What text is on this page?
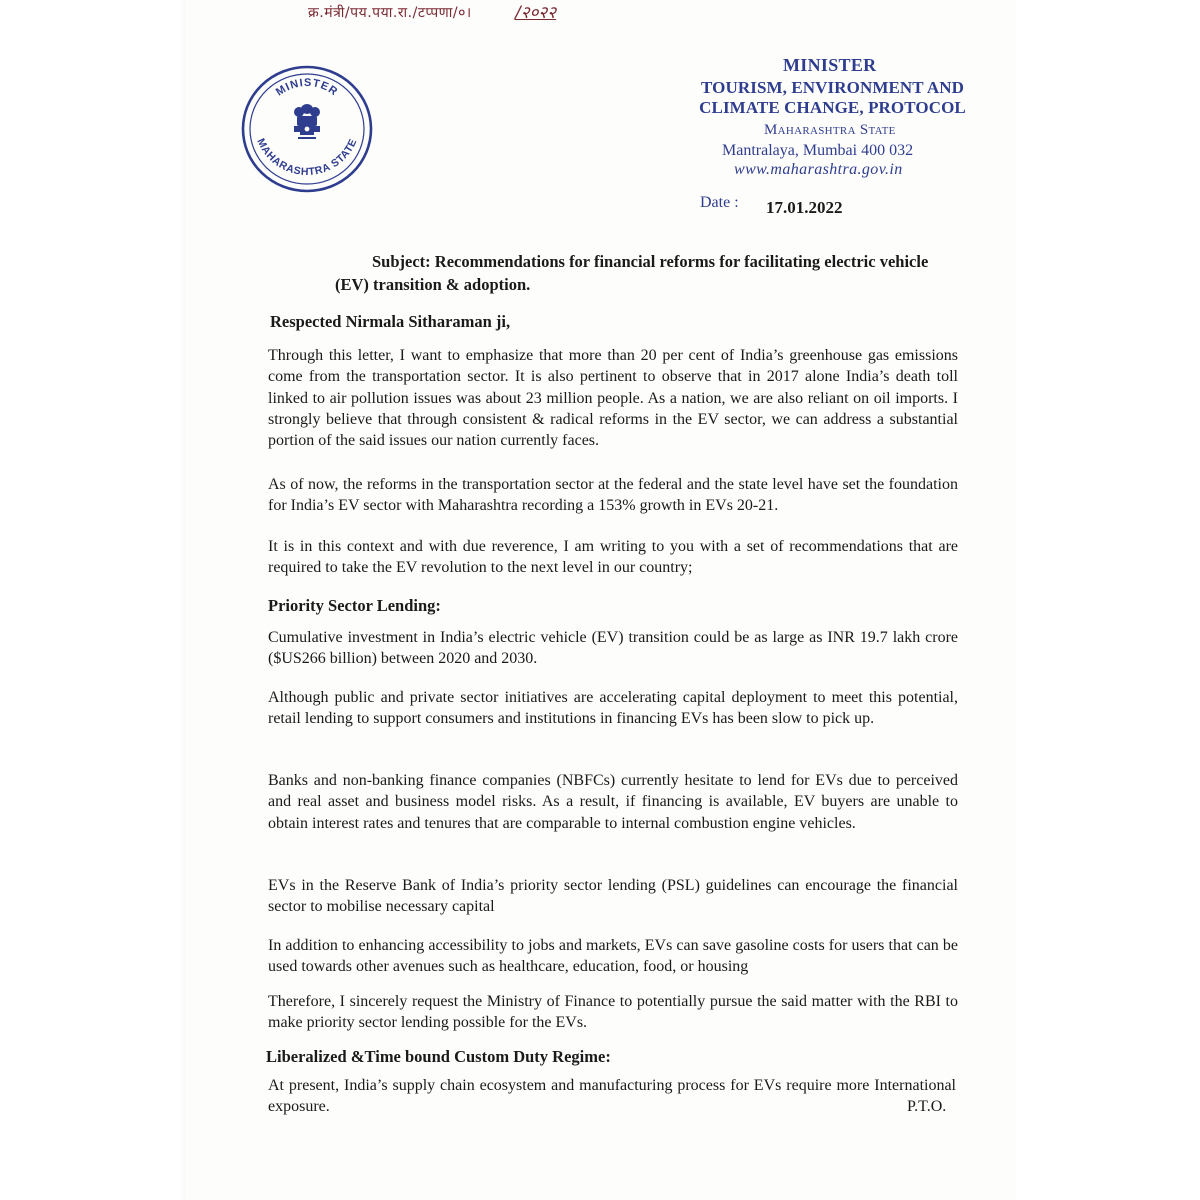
क्र.मंत्री/पय.पया.रा./टप्पणा/०।	/२०२२
MINISTER
MAHARASHTRA STATE
MINISTER
TOURISM, ENVIRONMENT AND
CLIMATE CHANGE, PROTOCOL
Maharashtra State
Mantralaya, Mumbai 400 032
www.maharashtra.gov.in
Date : 17.01.2022
Subject: Recommendations for financial reforms for facilitating electric vehicle (EV) transition & adoption.
Respected Nirmala Sitharaman ji,
Through this letter, I want to emphasize that more than 20 per cent of India’s greenhouse gas emissions come from the transportation sector. It is also pertinent to observe that in 2017 alone India’s death toll linked to air pollution issues was about 23 million people. As a nation, we are also reliant on oil imports. I strongly believe that through consistent & radical reforms in the EV sector, we can address a substantial portion of the said issues our nation currently faces.
As of now, the reforms in the transportation sector at the federal and the state level have set the foundation for India’s EV sector with Maharashtra recording a 153% growth in EVs 20-21.
It is in this context and with due reverence, I am writing to you with a set of recommendations that are required to take the EV revolution to the next level in our country;
Priority Sector Lending:
Cumulative investment in India’s electric vehicle (EV) transition could be as large as INR 19.7 lakh crore ($US266 billion) between 2020 and 2030.
Although public and private sector initiatives are accelerating capital deployment to meet this potential, retail lending to support consumers and institutions in financing EVs has been slow to pick up.
Banks and non-banking finance companies (NBFCs) currently hesitate to lend for EVs due to perceived and real asset and business model risks. As a result, if financing is available, EV buyers are unable to obtain interest rates and tenures that are comparable to internal combustion engine vehicles.
EVs in the Reserve Bank of India’s priority sector lending (PSL) guidelines can encourage the financial sector to mobilise necessary capital
In addition to enhancing accessibility to jobs and markets, EVs can save gasoline costs for users that can be used towards other avenues such as healthcare, education, food, or housing
Therefore, I sincerely request the Ministry of Finance to potentially pursue the said matter with the RBI to make priority sector lending possible for the EVs.
Liberalized &Time bound Custom Duty Regime:
At present, India’s supply chain ecosystem and manufacturing process for EVs require more International exposure.	P.T.O.
